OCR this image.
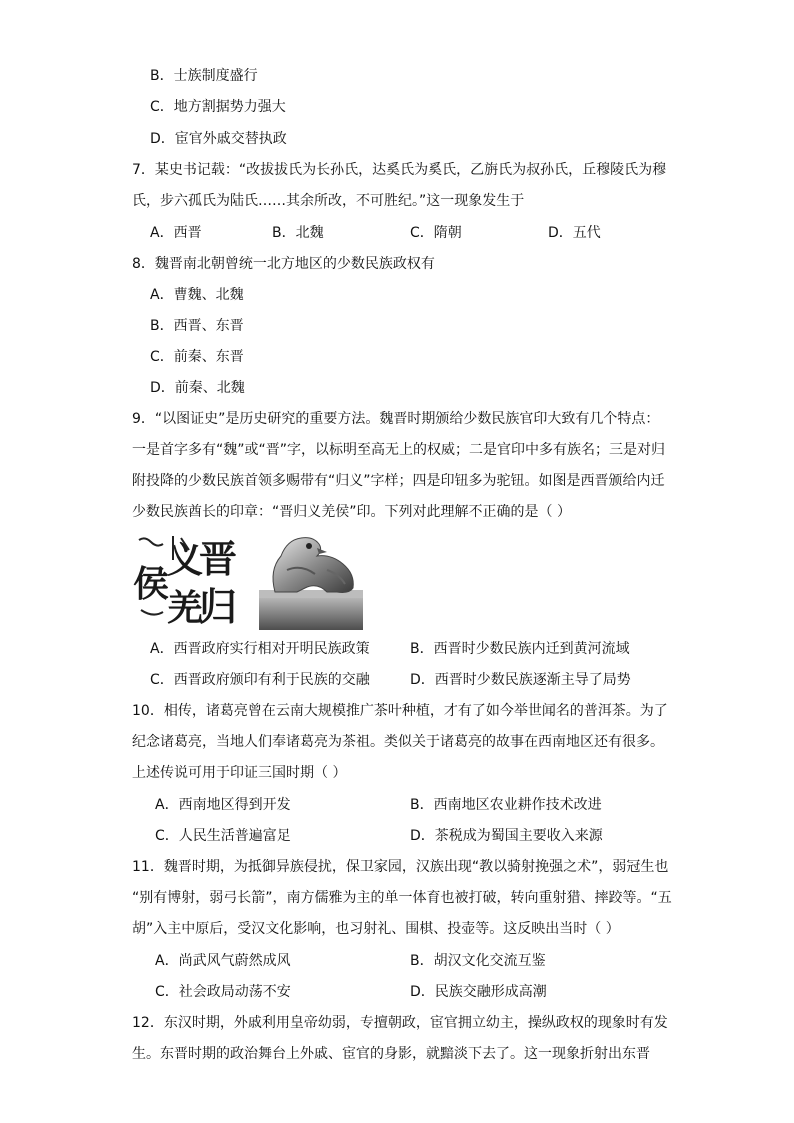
B．士族制度盛行
C．地方割据势力强大
D．宦官外戚交替执政
7．某史书记载：“改拔拔氏为长孙氏，达奚氏为奚氏，乙旃氏为叔孙氏，丘穆陵氏为穆
氏，步六孤氏为陆氏……其余所改，不可胜纪。”这一现象发生于
A．西晋	B．北魏	C．隋朝	D．五代
8．魏晋南北朝曾统一北方地区的少数民族政权有
A．曹魏、北魏
B．西晋、东晋
C．前秦、东晋
D．前秦、北魏
9．“以图证史”是历史研究的重要方法。魏晋时期颁给少数民族官印大致有几个特点：
一是首字多有“魏”或“晋”字，以标明至高无上的权威；二是官印中多有族名；三是对归
附投降的少数民族首领多赐带有“归义”字样；四是印钮多为驼钮。如图是西晋颁给内迁
少数民族酋长的印章：“晋归义羌侯”印。下列对此理解不正确的是（ ）
晋
归
义
羌
侯
A．西晋政府实行相对开明民族政策	B．西晋时少数民族内迁到黄河流域
C．西晋政府颁印有利于民族的交融	D．西晋时少数民族逐渐主导了局势
10．相传，诸葛亮曾在云南大规模推广茶叶种植，才有了如今举世闻名的普洱茶。为了
纪念诸葛亮，当地人们奉诸葛亮为茶祖。类似关于诸葛亮的故事在西南地区还有很多。
上述传说可用于印证三国时期（ ）
A．西南地区得到开发	B．西南地区农业耕作技术改进
C．人民生活普遍富足	D．茶税成为蜀国主要收入来源
11．魏晋时期，为抵御异族侵扰，保卫家园，汉族出现“教以骑射挽强之术”，弱冠生也
“别有博射，弱弓长箭”，南方儒雅为主的单一体育也被打破，转向重射猎、摔跤等。“五
胡”入主中原后，受汉文化影响，也习射礼、围棋、投壶等。这反映出当时（ ）
A．尚武风气蔚然成风	B．胡汉文化交流互鉴
C．社会政局动荡不安	D．民族交融形成高潮
12．东汉时期，外戚利用皇帝幼弱，专擅朝政，宦官拥立幼主，操纵政权的现象时有发
生。东晋时期的政治舞台上外戚、宦官的身影，就黯淡下去了。这一现象折射出东晋
